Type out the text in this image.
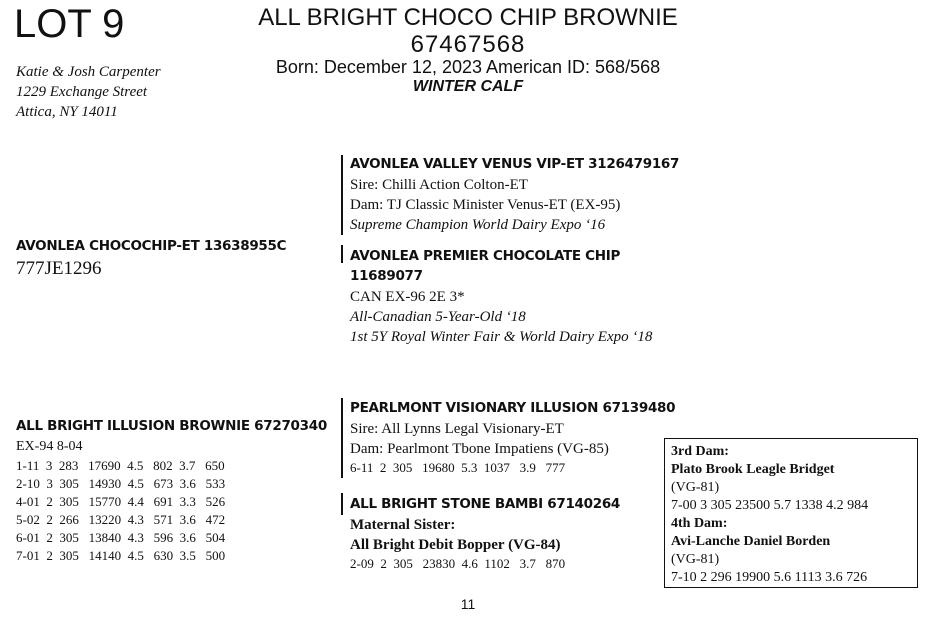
LOT 9
Katie & Josh Carpenter
1229 Exchange Street
Attica, NY 14011
ALL BRIGHT CHOCO CHIP BROWNIE
67467568
Born: December 12, 2023 American ID: 568/568
WINTER CALF
AVONLEA CHOCOCHIP-ET 13638955C
777JE1296
AVONLEA VALLEY VENUS VIP-ET 3126479167
Sire: Chilli Action Colton-ET
Dam: TJ Classic Minister Venus-ET (EX-95)
Supreme Champion World Dairy Expo ‘16
AVONLEA PREMIER CHOCOLATE CHIP
11689077
CAN EX-96 2E 3*
All-Canadian 5-Year-Old ‘18
1st 5Y Royal Winter Fair & World Dairy Expo ‘18
ALL BRIGHT ILLUSION BROWNIE 67270340
EX-94 8-04
1-11  3  283   17690  4.5   802  3.7   650
2-10  3  305   14930  4.5   673  3.6   533
4-01  2  305   15770  4.4   691  3.3   526
5-02  2  266   13220  4.3   571  3.6   472
6-01  2  305   13840  4.3   596  3.6   504
7-01  2  305   14140  4.5   630  3.5   500
PEARLMONT VISIONARY ILLUSION 67139480
Sire: All Lynns Legal Visionary-ET
Dam: Pearlmont Tbone Impatiens (VG-85)
6-11  2  305   19680  5.3  1037   3.9   777
ALL BRIGHT STONE BAMBI 67140264
Maternal Sister:
All Bright Debit Bopper (VG-84)
2-09  2  305   23830  4.6  1102   3.7   870
3rd Dam:
Plato Brook Leagle Bridget
(VG-81)
7-00 3 305 23500 5.7 1338 4.2 984
4th Dam:
Avi-Lanche Daniel Borden
(VG-81)
7-10 2 296 19900 5.6 1113 3.6 726
11
